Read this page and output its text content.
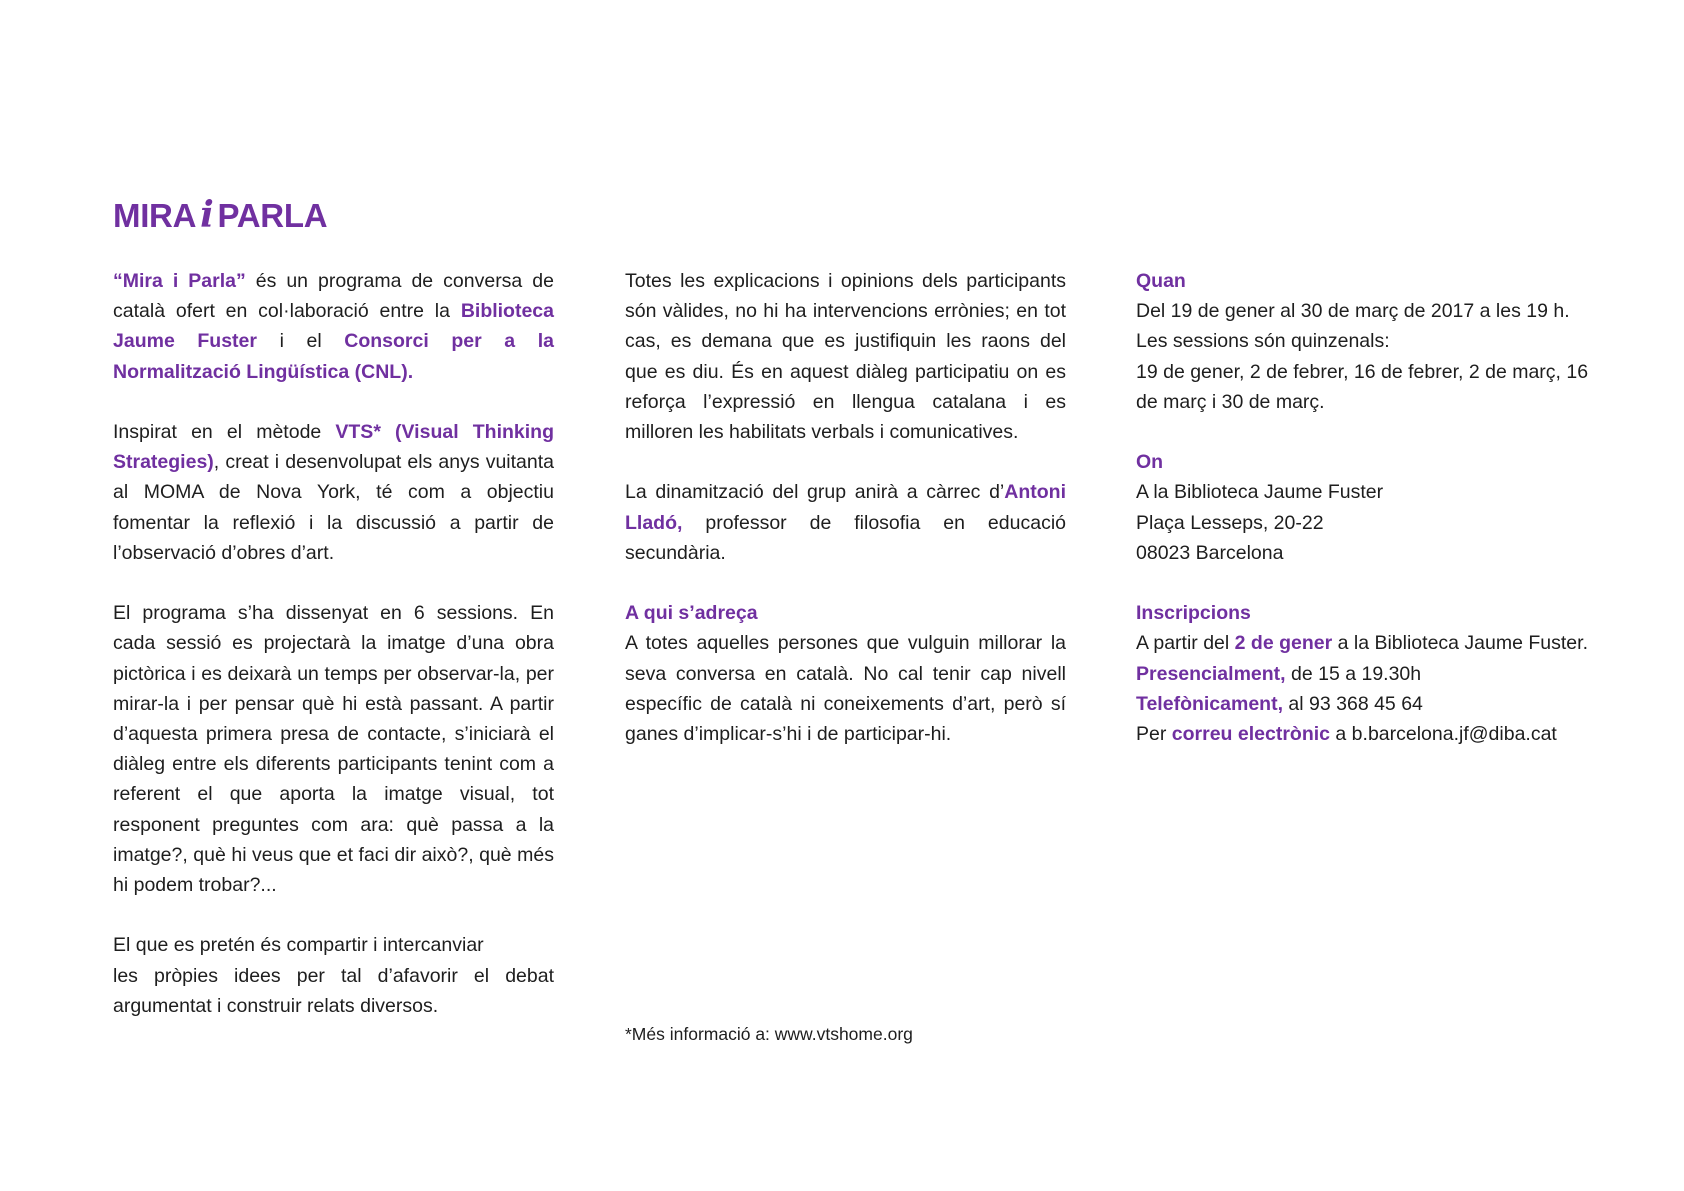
MIRA i PARLA

“Mira i Parla” és un programa de conversa de català ofert en col·laboració entre la Biblioteca Jaume Fuster i el Consorci per a la Normalització Lingüística (CNL).

Inspirat en el mètode VTS* (Visual Thinking Strategies), creat i desenvolupat els anys vuitanta al MOMA de Nova York, té com a objectiu fomentar la reflexió i la discussió a partir de l’observació d’obres d’art.

El programa s’ha dissenyat en 6 sessions. En cada sessió es projectarà la imatge d’una obra pictòrica i es deixarà un temps per observar-la, per mirar-la i per pensar què hi està passant. A partir d’aquesta primera presa de contacte, s’iniciarà el diàleg entre els diferents participants tenint com a referent el que aporta la imatge visual, tot responent preguntes com ara: què passa a la imatge?, què hi veus que et faci dir això?, què més hi podem trobar?...

El que es pretén és compartir i intercanviar
les pròpies idees per tal d’afavorir el debat argumentat i construir relats diversos.

Totes les explicacions i opinions dels participants són vàlides, no hi ha intervencions errònies; en tot cas, es demana que es justifiquin les raons del que es diu. És en aquest diàleg participatiu on es reforça l’expressió en llengua catalana i es milloren les habilitats verbals i comunicatives.

La dinamització del grup anirà a càrrec d’Antoni Lladó, professor de filosofia en educació secundària.

A qui s’adreça
A totes aquelles persones que vulguin millorar la seva conversa en català. No cal tenir cap nivell específic de català ni coneixements d’art, però sí ganes d’implicar-s’hi i de participar-hi.

*Més informació a: www.vtshome.org

Quan
Del 19 de gener al 30 de març de 2017 a les 19 h.
Les sessions són quinzenals:
19 de gener, 2 de febrer, 16 de febrer, 2 de març, 16 de març i 30 de març.

On
A la Biblioteca Jaume Fuster
Plaça Lesseps, 20-22
08023 Barcelona

Inscripcions
A partir del 2 de gener a la Biblioteca Jaume Fuster.
Presencialment, de 15 a 19.30h
Telefònicament, al 93 368 45 64
Per correu electrònic a b.barcelona.jf@diba.cat
